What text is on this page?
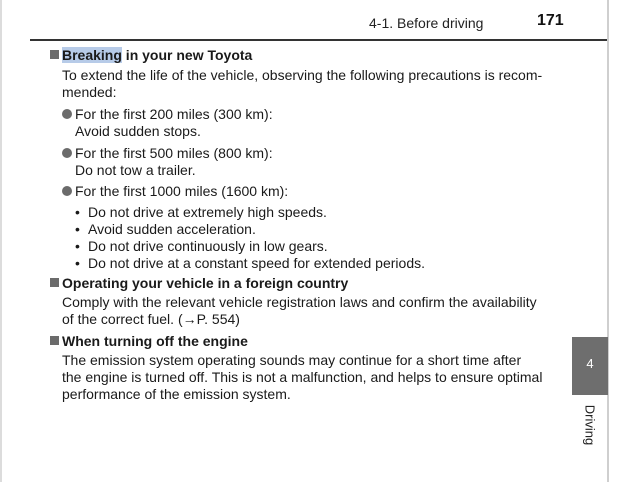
4-1. Before driving	171
Breaking in your new Toyota
To extend the life of the vehicle, observing the following precautions is recom-
mended:
For the first 200 miles (300 km):
Avoid sudden stops.
For the first 500 miles (800 km):
Do not tow a trailer.
For the first 1000 miles (1600 km):
• Do not drive at extremely high speeds.
• Avoid sudden acceleration.
• Do not drive continuously in low gears.
• Do not drive at a constant speed for extended periods.
Operating your vehicle in a foreign country
Comply with the relevant vehicle registration laws and confirm the availability
of the correct fuel. (→P. 554)
When turning off the engine
The emission system operating sounds may continue for a short time after
the engine is turned off. This is not a malfunction, and helps to ensure optimal
performance of the emission system.
4
Driving
